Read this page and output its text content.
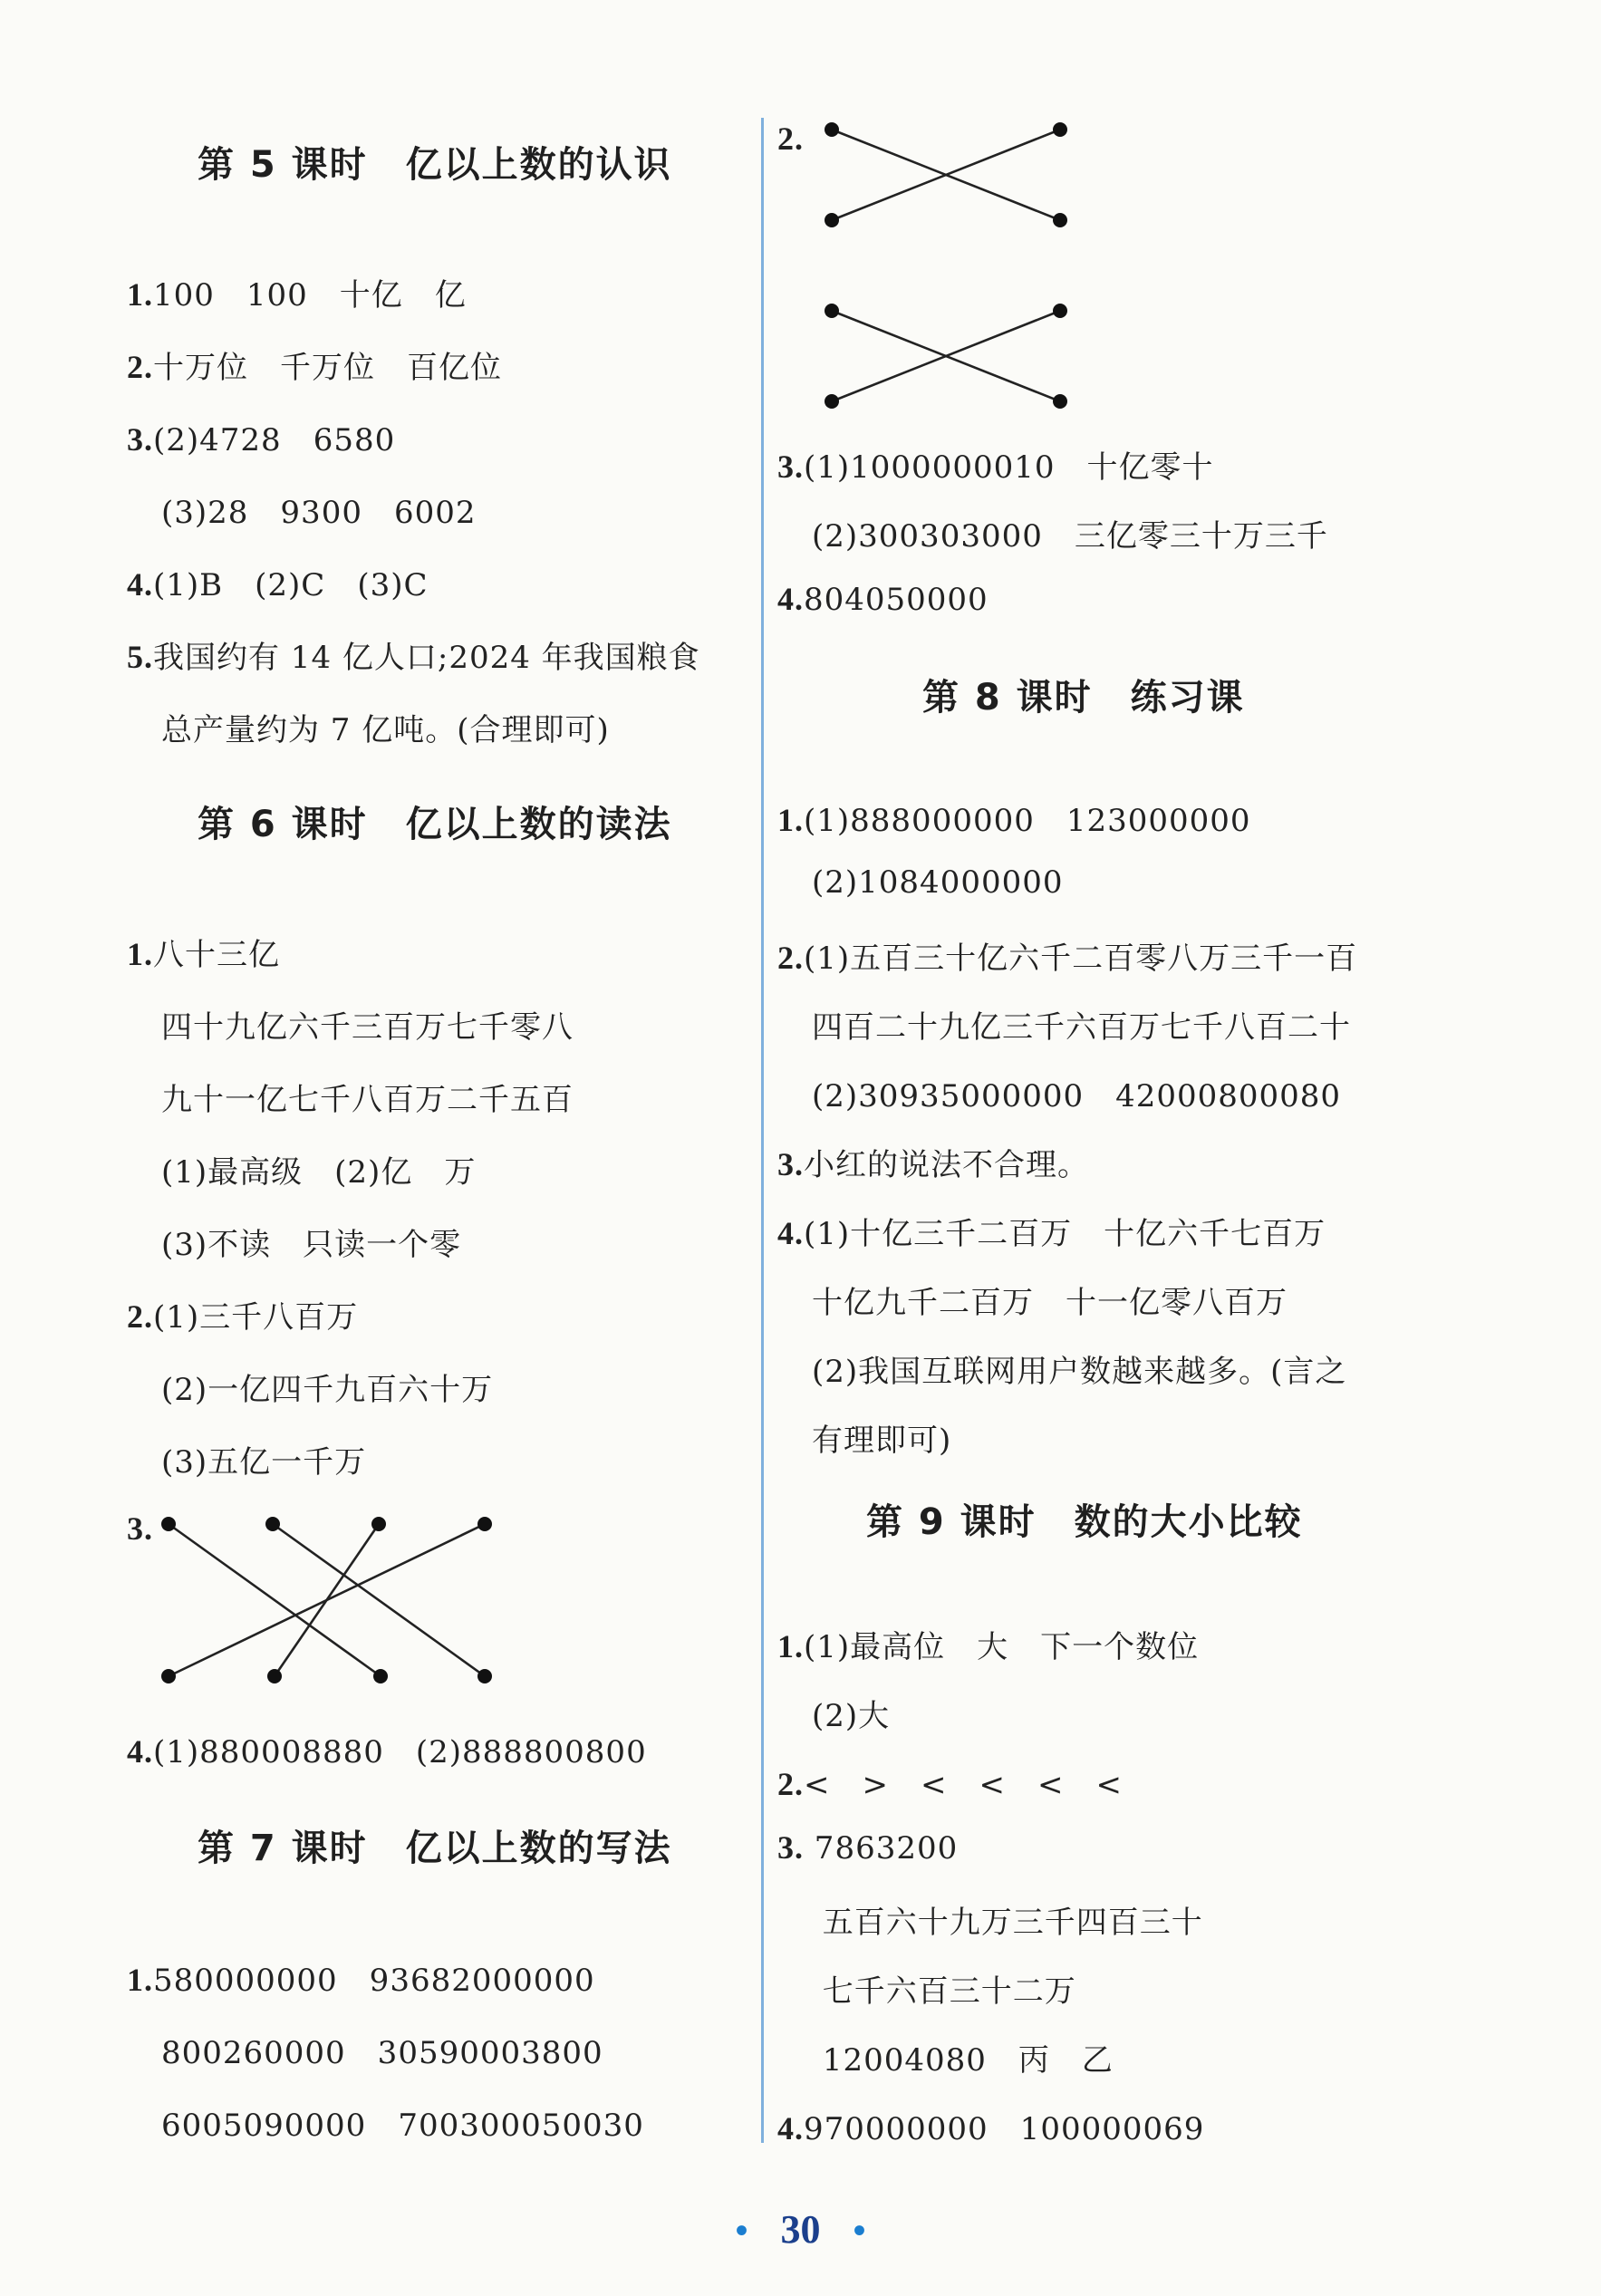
第 5 课时　亿以上数的认识
1.100　100　十亿　亿
2.十万位　千万位　百亿位
3.(2)4728　6580
(3)28　9300　6002
4.(1)B　(2)C　(3)C
5.我国约有 14 亿人口;2024 年我国粮食
总产量约为 7 亿吨。(合理即可)
第 6 课时　亿以上数的读法
1.八十三亿
四十九亿六千三百万七千零八
九十一亿七千八百万二千五百
(1)最高级　(2)亿　万
(3)不读　只读一个零
2.(1)三千八百万
(2)一亿四千九百六十万
(3)五亿一千万
3.
4.(1)880008880　(2)888800800
第 7 课时　亿以上数的写法
1.580000000　93682000000
800260000　30590003800
6005090000　700300050030
2.
3.(1)1000000010　十亿零十
(2)300303000　三亿零三十万三千
4.804050000
第 8 课时　练习课
1.(1)888000000　123000000
(2)1084000000
2.(1)五百三十亿六千二百零八万三千一百
四百二十九亿三千六百万七千八百二十
(2)30935000000　42000800080
3.小红的说法不合理。
4.(1)十亿三千二百万　十亿六千七百万
十亿九千二百万　十一亿零八百万
(2)我国互联网用户数越来越多。(言之
有理即可)
第 9 课时　数的大小比较
1.(1)最高位　大　下一个数位
(2)大
2.<　>　<　<　<　<
3. 7863200
五百六十九万三千四百三十
七千六百三十二万
12004080　丙　乙
4.970000000　100000069
• 30 •
